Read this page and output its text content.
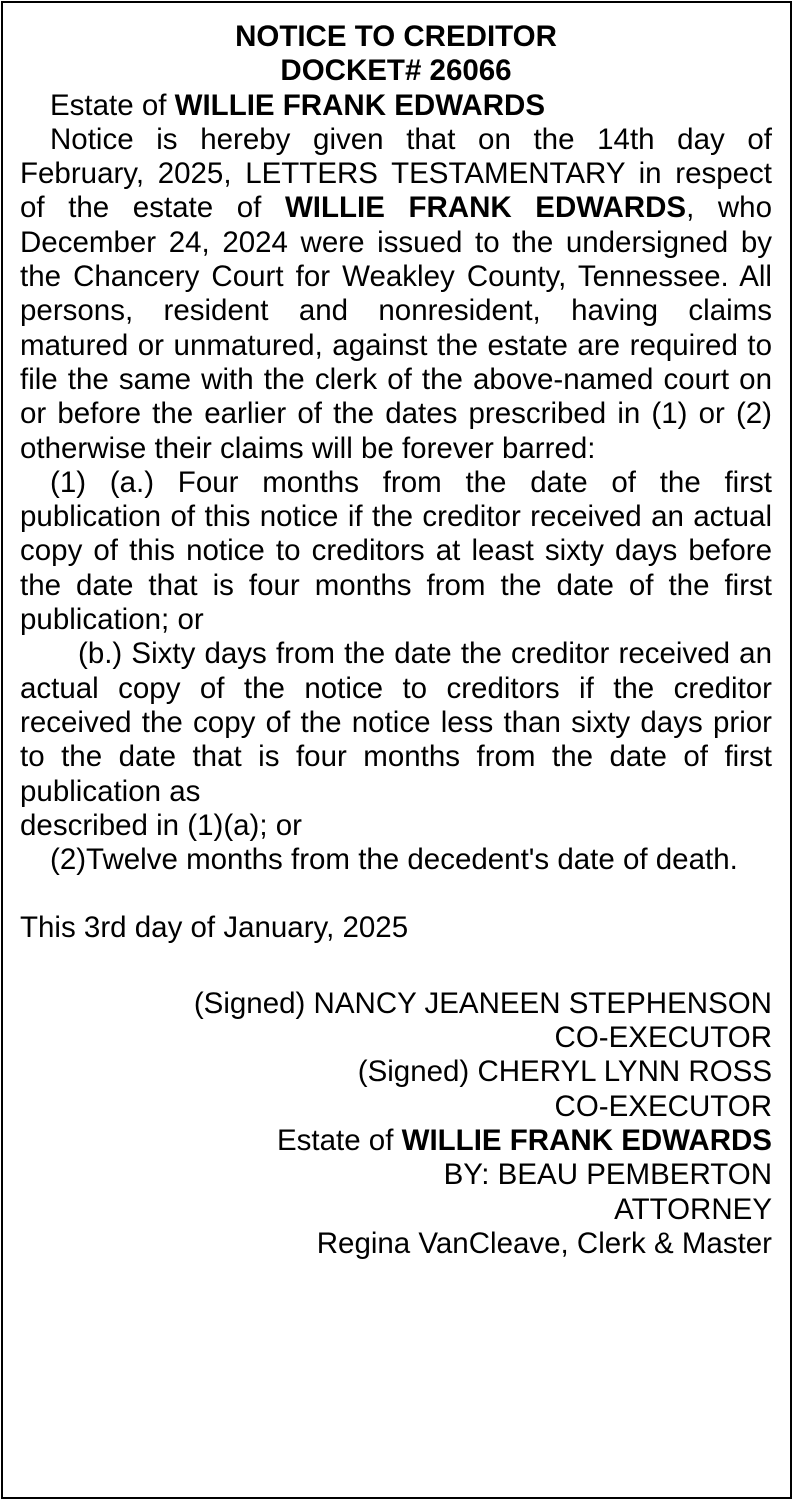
NOTICE TO CREDITOR
DOCKET# 26066

Estate of WILLIE FRANK EDWARDS

Notice is hereby given that on the 14th day of February, 2025, LETTERS TESTAMENTARY in respect of the estate of WILLIE FRANK EDWARDS, who December 24, 2024 were issued to the undersigned by the Chancery Court for Weakley County, Tennessee. All persons, resident and nonresident, having claims matured or unmatured, against the estate are required to file the same with the clerk of the above-named court on or before the earlier of the dates prescribed in (1) or (2) otherwise their claims will be forever barred:

(1) (a.) Four months from the date of the first publication of this notice if the creditor received an actual copy of this notice to creditors at least sixty days before the date that is four months from the date of the first publication; or

(b.) Sixty days from the date the creditor received an actual copy of the notice to creditors if the creditor received the copy of the notice less than sixty days prior to the date that is four months from the date of first publication as

described in (1)(a); or

(2)Twelve months from the decedent's date of death.

This 3rd day of January, 2025

(Signed) NANCY JEANEEN STEPHENSON

CO-EXECUTOR

(Signed) CHERYL LYNN ROSS

CO-EXECUTOR

Estate of WILLIE FRANK EDWARDS

BY: BEAU PEMBERTON

ATTORNEY

Regina VanCleave, Clerk & Master
